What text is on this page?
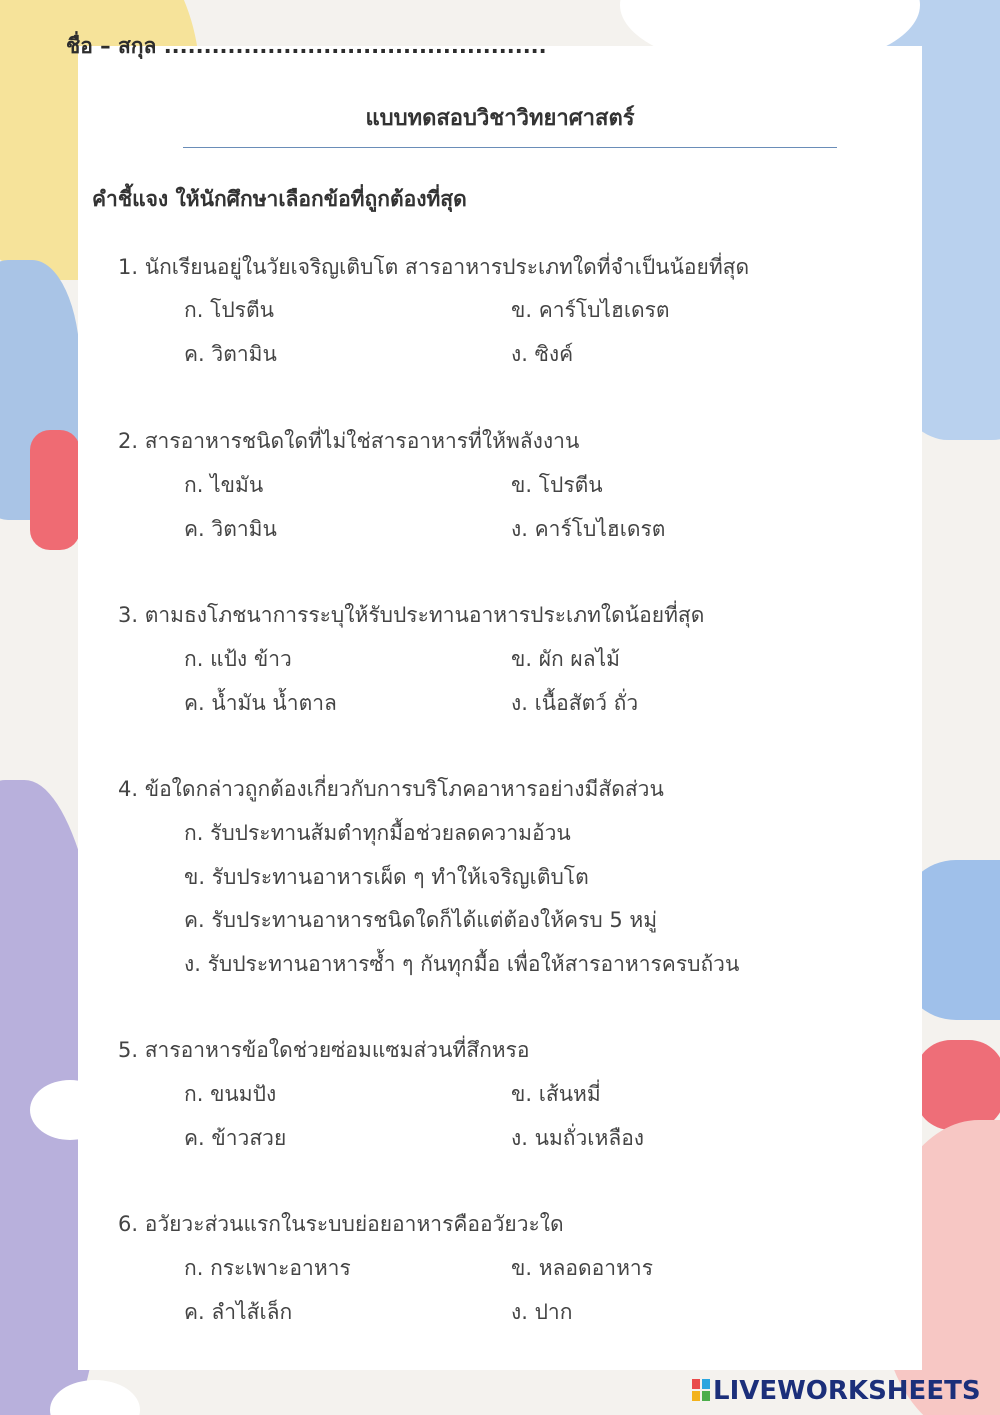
ชื่อ – สกุล ................................................
แบบทดสอบวิชาวิทยาศาสตร์
คำชี้แจง ให้นักศึกษาเลือกข้อที่ถูกต้องที่สุด
1. นักเรียนอยู่ในวัยเจริญเติบโต สารอาหารประเภทใดที่จำเป็นน้อยที่สุด
ก. โปรตีน	ข. คาร์โบไฮเดรต
ค. วิตามิน	ง. ซิงค์
2. สารอาหารชนิดใดที่ไม่ใช่สารอาหารที่ให้พลังงาน
ก. ไขมัน	ข. โปรตีน
ค. วิตามิน	ง. คาร์โบไฮเดรต
3. ตามธงโภชนาการระบุให้รับประทานอาหารประเภทใดน้อยที่สุด
ก. แป้ง ข้าว	ข. ผัก ผลไม้
ค. น้ำมัน น้ำตาล	ง. เนื้อสัตว์ ถั่ว
4. ข้อใดกล่าวถูกต้องเกี่ยวกับการบริโภคอาหารอย่างมีสัดส่วน
ก. รับประทานส้มตำทุกมื้อช่วยลดความอ้วน
ข. รับประทานอาหารเผ็ด ๆ ทำให้เจริญเติบโต
ค. รับประทานอาหารชนิดใดก็ได้แต่ต้องให้ครบ 5 หมู่
ง. รับประทานอาหารซ้ำ ๆ กันทุกมื้อ เพื่อให้สารอาหารครบถ้วน
5. สารอาหารข้อใดช่วยซ่อมแซมส่วนที่สึกหรอ
ก. ขนมปัง	ข. เส้นหมี่
ค. ข้าวสวย	ง. นมถั่วเหลือง
6. อวัยวะส่วนแรกในระบบย่อยอาหารคืออวัยวะใด
ก. กระเพาะอาหาร	ข. หลอดอาหาร
ค. ลำไส้เล็ก	ง. ปาก
LIVEWORKSHEETS
